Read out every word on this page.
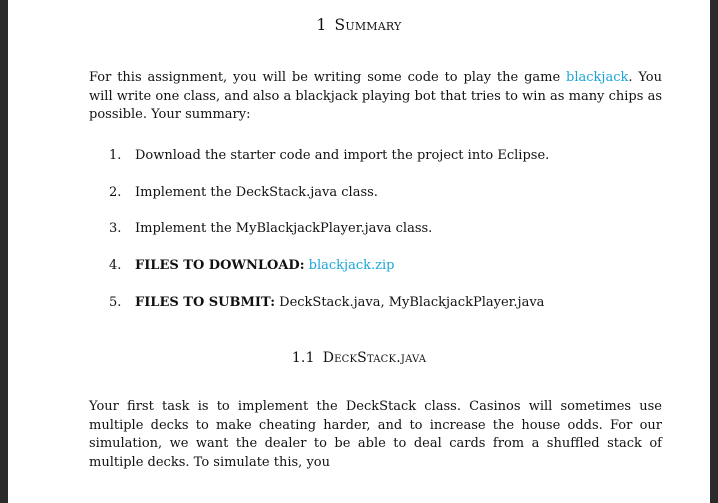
1 Summary
For this assignment, you will be writing some code to play the game blackjack. You will write one class, and also a blackjack playing bot that tries to win as many chips as possible. Your summary:
1. Download the starter code and import the project into Eclipse.
2. Implement the DeckStack.java class.
3. Implement the MyBlackjackPlayer.java class.
4. FILES TO DOWNLOAD: blackjack.zip
5. FILES TO SUBMIT: DeckStack.java, MyBlackjackPlayer.java
1.1 DeckStack.java
Your first task is to implement the DeckStack class. Casinos will sometimes use multiple decks to make cheating harder, and to increase the house odds. For our simulation, we want the dealer to be able to deal cards from a shuffled stack of multiple decks. To simulate this, you
